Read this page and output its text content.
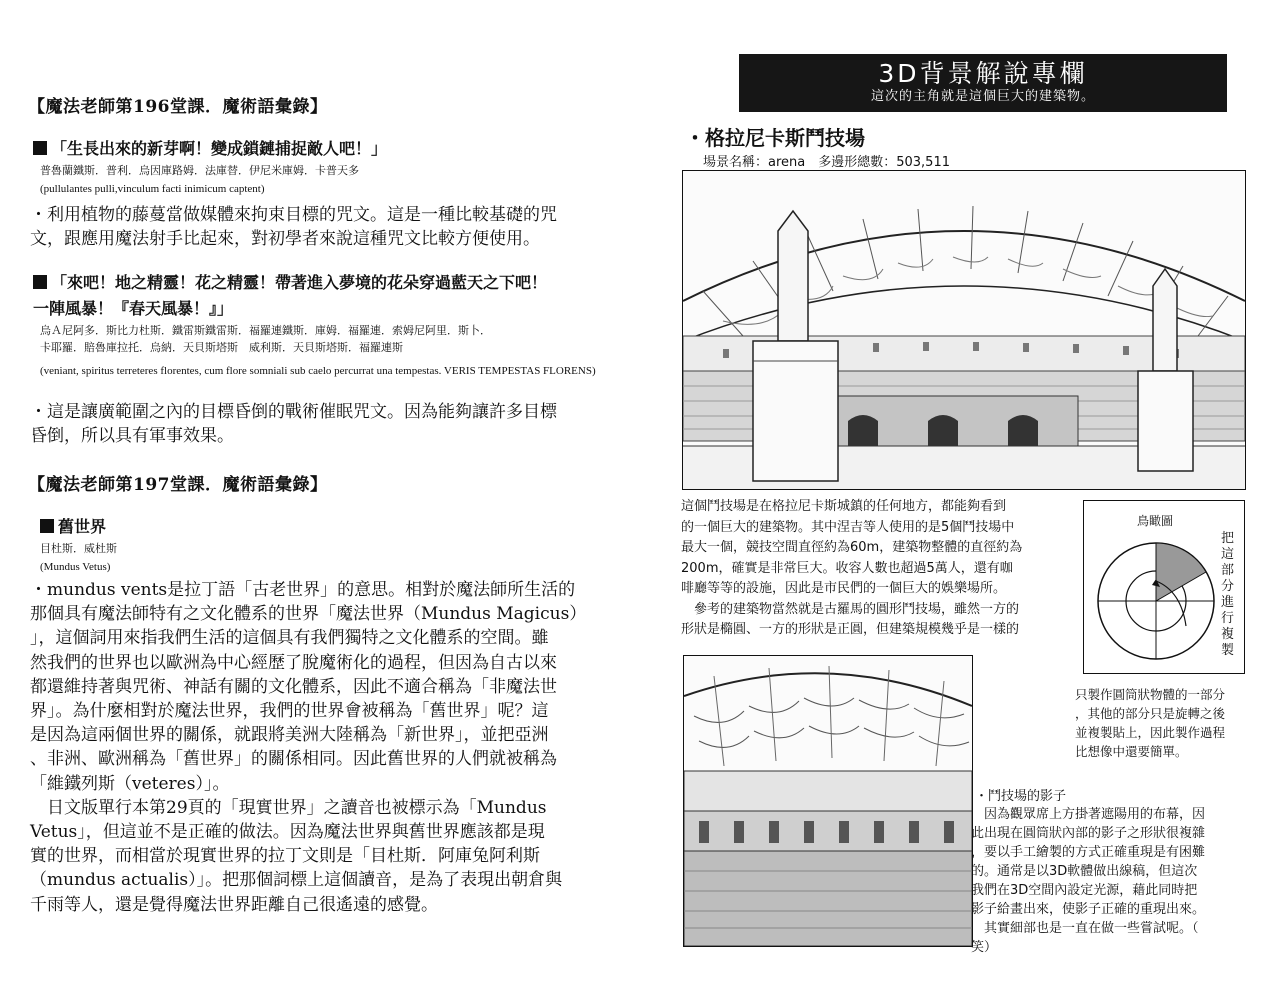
【魔法老師第196堂課．魔術語彙錄】
「生長出來的新芽啊！變成鎖鏈捕捉敵人吧！」
普魯蘭鐵斯．普利．烏因庫路姆．法庫替．伊尼米庫姆．卡普天多
(pullulantes pulli,vinculum facti inimicum captent)

・利用植物的藤蔓當做媒體來拘束目標的咒文。這是一種比較基礎的咒

文，跟應用魔法射手比起來，對初學者來說這種咒文比較方便使用。

「來吧！地之精靈！花之精靈！帶著進入夢境的花朵穿過藍天之下吧！
一陣風暴！『春天風暴！』」
烏Ａ尼阿多．斯比力杜斯．鐵雷斯鐵雷斯．福羅連鐵斯．庫姆．福羅連．索姆尼阿里．斯卜．
卡耶羅．賠魯庫拉托．烏納．天貝斯塔斯　威利斯．天貝斯塔斯．福羅連斯
(veniant, spiritus terreteres florentes, cum flore somniali sub caelo percurrat una tempestas. VERIS TEMPESTAS FLORENS)

・這是讓廣範圍之內的目標昏倒的戰術催眠咒文。因為能夠讓許多目標

昏倒，所以具有軍事效果。

【魔法老師第197堂課．魔術語彙錄】
舊世界
目杜斯．威杜斯
(Mundus Vetus)

・mundus vents是拉丁語「古老世界」的意思。相對於魔法師所生活的

那個具有魔法師特有之文化體系的世界「魔法世界（Mundus Magicus）

」，這個詞用來指我們生活的這個具有我們獨特之文化體系的空間。雖

然我們的世界也以歐洲為中心經歷了脫魔術化的過程，但因為自古以來

都還維持著與咒術、神話有關的文化體系，因此不適合稱為「非魔法世

界」。為什麼相對於魔法世界，我們的世界會被稱為「舊世界」呢？這

是因為這兩個世界的關係，就跟將美洲大陸稱為「新世界」，並把亞洲

、非洲、歐洲稱為「舊世界」的關係相同。因此舊世界的人們就被稱為

「維鐵列斯（veteres）」。

　日文版單行本第29頁的「現實世界」之讀音也被標示為「Mundus

Vetus」，但這並不是正確的做法。因為魔法世界與舊世界應該都是現

實的世界，而相當於現實世界的拉丁文則是「目杜斯．阿庫兔阿利斯

（mundus actualis）」。把那個詞標上這個讀音，是為了表現出朝倉與

千雨等人，還是覺得魔法世界距離自己很遙遠的感覺。

3D背景解說專欄
這次的主角就是這個巨大的建築物。
・格拉尼卡斯鬥技場
場景名稱：arena　多邊形總數：503,511

這個鬥技場是在格拉尼卡斯城鎮的任何地方，都能夠看到

的一個巨大的建築物。其中涅吉等人使用的是5個鬥技場中

最大一個，競技空間直徑約為60m，建築物整體的直徑約為

200m，確實是非常巨大。收容人數也超過5萬人，還有咖

啡廳等等的設施，因此是市民們的一個巨大的娛樂場所。

　參考的建築物當然就是古羅馬的圓形鬥技場，雖然一方的

形狀是橢圓、一方的形狀是正圓，但建築規模幾乎是一樣的

鳥瞰圖
把這部分進行複製
只製作圓筒狀物體的一部分
，其他的部分只是旋轉之後
並複製貼上，因此製作過程
比想像中還要簡單。
・鬥技場的影子

　因為觀眾席上方掛著遮陽用的布幕，因

此出現在圓筒狀內部的影子之形狀很複雜

，要以手工繪製的方式正確重現是有困難

的。通常是以3D軟體做出線稿，但這次

我們在3D空間內設定光源，藉此同時把

影子給畫出來，使影子正確的重現出來。

　其實細部也是一直在做一些嘗試呢。（

笑）
